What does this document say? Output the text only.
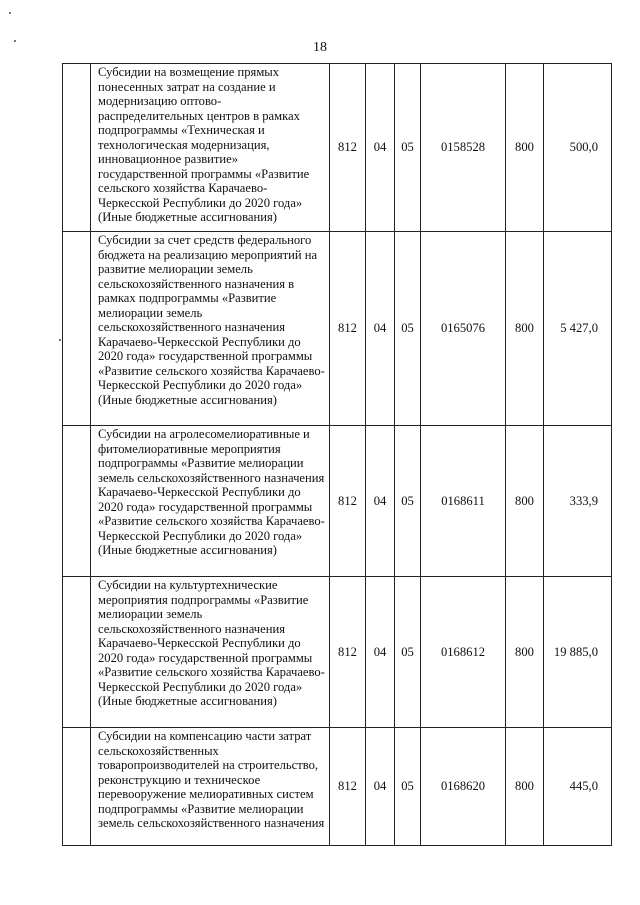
18
	Субсидии на возмещение прямых понесенных затрат на создание и модернизацию оптово-распределительных центров в рамках подпрограммы «Техническая и технологическая модернизация, инновационное развитие» государственной программы «Развитие сельского хозяйства Карачаево-Черкесской Республики до 2020 года» (Иные бюджетные ассигнования)	812	04	05	0158528	800	500,0
	Субсидии за счет средств федерального бюджета на реализацию мероприятий на развитие мелиорации земель сельскохозяйственного назначения в рамках подпрограммы «Развитие мелиорации земель сельскохозяйственного назначения Карачаево-Черкесской Республики до 2020 года» государственной программы «Развитие сельского хозяйства Карачаево-Черкесской Республики до 2020 года» (Иные бюджетные ассигнования)	812	04	05	0165076	800	5 427,0
	Субсидии на агролесомелиоративные и фитомелиоративные мероприятия подпрограммы «Развитие мелиорации земель сельскохозяйственного назначения Карачаево-Черкесской Республики до 2020 года» государственной программы «Развитие сельского хозяйства Карачаево-Черкесской Республики до 2020 года» (Иные бюджетные ассигнования)	812	04	05	0168611	800	333,9
	Субсидии на культуртехнические мероприятия подпрограммы «Развитие мелиорации земель сельскохозяйственного назначения Карачаево-Черкесской Республики до 2020 года» государственной программы «Развитие сельского хозяйства Карачаево-Черкесской Республики до 2020 года» (Иные бюджетные ассигнования)	812	04	05	0168612	800	19 885,0
	Субсидии на компенсацию части затрат сельскохозяйственных товаропроизводителей на строительство, реконструкцию и техническое перевооружение мелиоративных систем подпрограммы «Развитие мелиорации земель сельскохозяйственного назначения	812	04	05	0168620	800	445,0
